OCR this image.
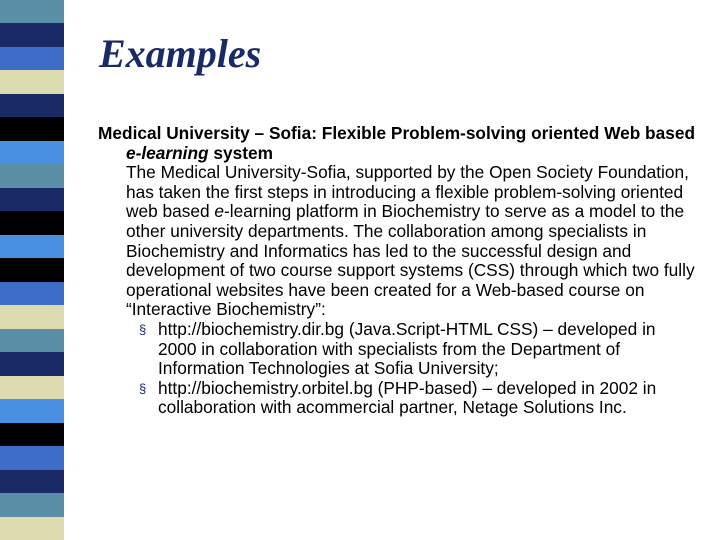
Examples

Medical University – Sofia: Flexible Problem-solving oriented Web based e-learning system

The Medical University-Sofia, supported by the Open Society Foundation, has taken the first steps in introducing a flexible problem-solving oriented web based e-learning platform in Biochemistry to serve as a model to the other university departments. The collaboration among specialists in Biochemistry and Informatics has led to the successful design and development of two course support systems (CSS) through which two fully operational websites have been created for a Web-based course on “Interactive Biochemistry”:

§ http://biochemistry.dir.bg (Java.Script-HTML CSS) – developed in 2000 in collaboration with specialists from the Department of Information Technologies at Sofia University;
§ http://biochemistry.orbitel.bg (PHP-based) – developed in 2002 in collaboration with acommercial partner, Netage Solutions Inc.
